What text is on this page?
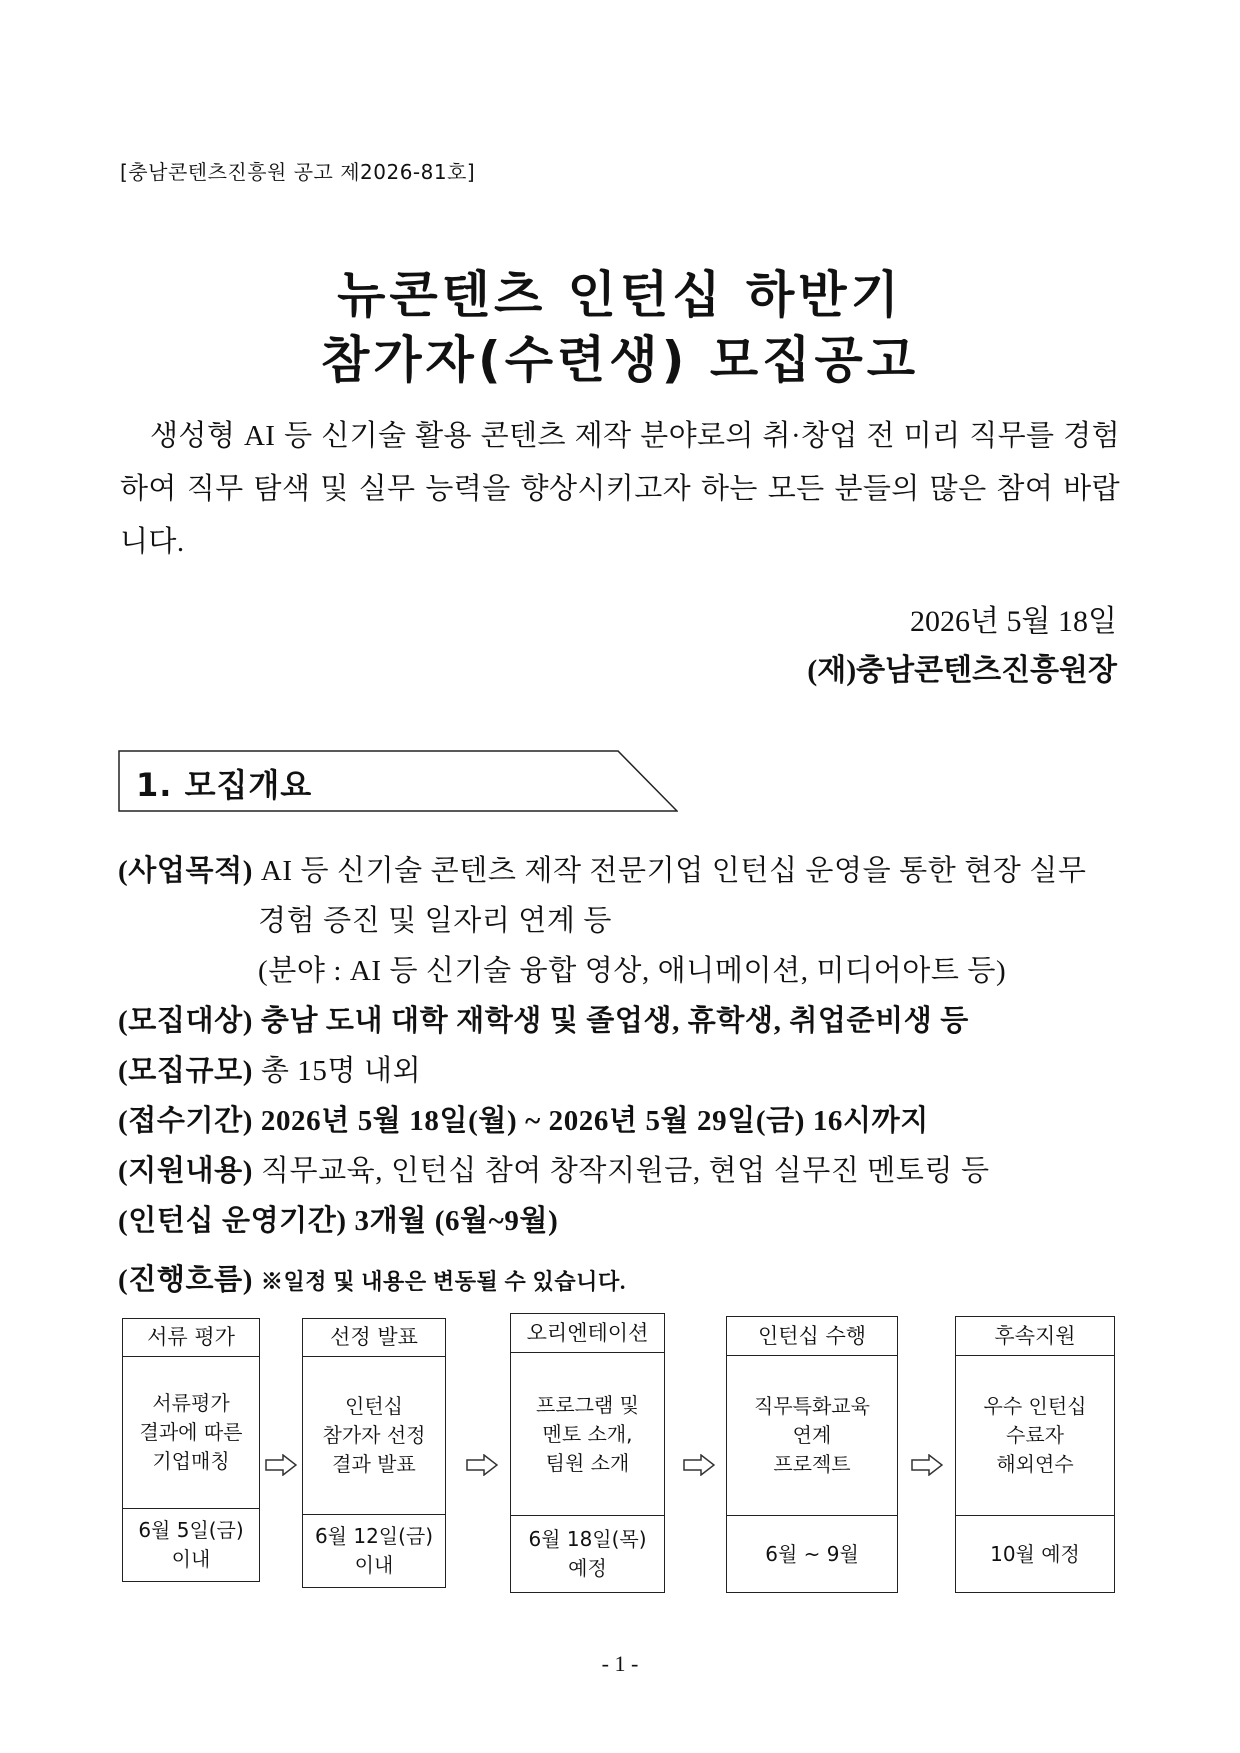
[충남콘텐츠진흥원 공고 제2026-81호]
뉴콘텐츠 인턴십 하반기
참가자(수련생) 모집공고
생성형 AI 등 신기술 활용 콘텐츠 제작 분야로의 취·창업 전 미리 직무를 경험하여 직무 탐색 및 실무 능력을 향상시키고자 하는 모든 분들의 많은 참여 바랍니다.
2026년 5월 18일
(재)충남콘텐츠진흥원장
1. 모집개요
(사업목적) AI 등 신기술 콘텐츠 제작 전문기업 인턴십 운영을 통한 현장 실무
경험 증진 및 일자리 연계 등
(분야 : AI 등 신기술 융합 영상, 애니메이션, 미디어아트 등)
(모집대상) 충남 도내 대학 재학생 및 졸업생, 휴학생, 취업준비생 등
(모집규모) 총 15명 내외
(접수기간) 2026년 5월 18일(월) ~ 2026년 5월 29일(금) 16시까지
(지원내용) 직무교육, 인턴십 참여 창작지원금, 현업 실무진 멘토링 등
(인턴십 운영기간) 3개월 (6월~9월)
(진행흐름) ※일정 및 내용은 변동될 수 있습니다.
서류 평가
서류평가
결과에 따른
기업매칭
6월 5일(금)
이내
선정 발표
인턴십
참가자 선정
결과 발표
6월 12일(금)
이내
오리엔테이션
프로그램 및
멘토 소개,
팀원 소개
6월 18일(목)
예정
인턴십 수행
직무특화교육
연계
프로젝트
6월 ~ 9월
후속지원
우수 인턴십
수료자
해외연수
10월 예정
- 1 -
